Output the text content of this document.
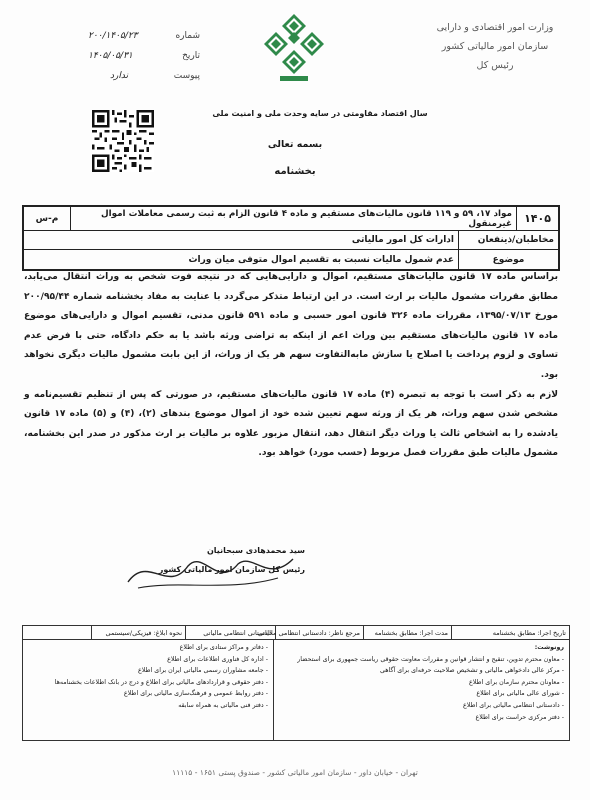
وزارت امور اقتصادی و دارایی
سازمان امور مالیاتی کشور
رئیس کل
شماره
تاریخ
پیوست
۲۰۰/۱۴۰۵/۲۳
۱۴۰۵/۰۵/۳۱
ندارد
سال اقتصاد مقاومتی در سایه وحدت ملی و امنیت ملی
بسمه تعالی
بخشنامه
۱۴۰۵
مواد ۱۷، ۵۹ و ۱۱۹ قانون مالیات‌های مستقیم و ماده ۴ قانون الزام به ثبت رسمی معاملات اموال غیرمنقول
م-س
مخاطبان/ذینفعان
ادارات کل امور مالیاتی
موضوع
عدم شمول مالیات نسبت به تقسیم اموال متوفی میان وراث

براساس ماده ۱۷ قانون مالیات‌های مستقیم، اموال و دارایی‌هایی که در نتیجه فوت شخص به وراث انتقال می‌یابد، مطابق مقررات مشمول مالیات بر ارث است. در این ارتباط متذکر می‌گردد با عنایت به مفاد بخشنامه شماره ۲۰۰/۹۵/۴۴ مورخ ۱۳۹۵/۰۷/۱۳، مقررات ماده ۳۲۶ قانون امور حسبی و ماده ۵۹۱ قانون مدنی، تقسیم اموال و دارایی‌های موضوع ماده ۱۷ قانون مالیات‌های مستقیم بین وراث اعم از اینکه به تراضی ورثه باشد یا به حکم دادگاه، حتی با فرض عدم تساوی و لزوم پرداخت یا اصلاح یا سازش مابه‌التفاوت سهم هر یک از وراث، از این بابت مشمول مالیات دیگری نخواهد بود.

لازم به ذکر است با توجه به تبصره (۴) ماده ۱۷ قانون مالیات‌های مستقیم، در صورتی که پس از تنظیم تقسیم‌نامه و مشخص شدن سهم وراث، هر یک از ورثه سهم تعیین شده خود از اموال موضوع بندهای (۲)، (۴) و (۵) ماده ۱۷ قانون یادشده را به اشخاص ثالث یا وراث دیگر انتقال دهد، انتقال مزبور علاوه بر مالیات بر ارث مذکور در صدر این بخشنامه، مشمول مالیات طبق مقررات فصل مربوط (حسب مورد) خواهد بود.

سید محمدهادی سبحانیان
رئیس کل سازمان امور مالیاتی کشور
تاریخ اجرا: مطابق بخشنامه
مدت اجرا: مطابق بخشنامه
مرجع ناظر: دادستانی انتظامی مالیاتی
دادستانی انتظامی مالیاتی
نحوه ابلاغ: فیزیکی/سیستمی
رونوشت:
- معاون محترم تدوین، تنقیح و انتشار قوانین و مقررات معاونت حقوقی ریاست جمهوری برای استحضار
- مرکز عالی دادخواهی مالیاتی و تشخیص صلاحیت حرفه‌ای برای آگاهی
- معاونان محترم سازمان برای اطلاع
- شورای عالی مالیاتی برای اطلاع
- دادستانی انتظامی مالیاتی برای اطلاع
- دفتر مرکزی حراست برای اطلاع
- دفاتر و مراکز ستادی برای اطلاع
- اداره کل فناوری اطلاعات برای اطلاع
- جامعه مشاوران رسمی مالیاتی ایران برای اطلاع
- دفتر حقوقی و قراردادهای مالیاتی برای اطلاع و درج در بانک اطلاعات بخشنامه‌ها
- دفتر روابط عمومی و فرهنگ‌سازی مالیاتی برای اطلاع
- دفتر فنی مالیاتی به همراه سابقه
تهران - خیابان داور - سازمان امور مالیاتی کشور - صندوق پستی ۱۶۵۱ - ۱۱۱۱۵
